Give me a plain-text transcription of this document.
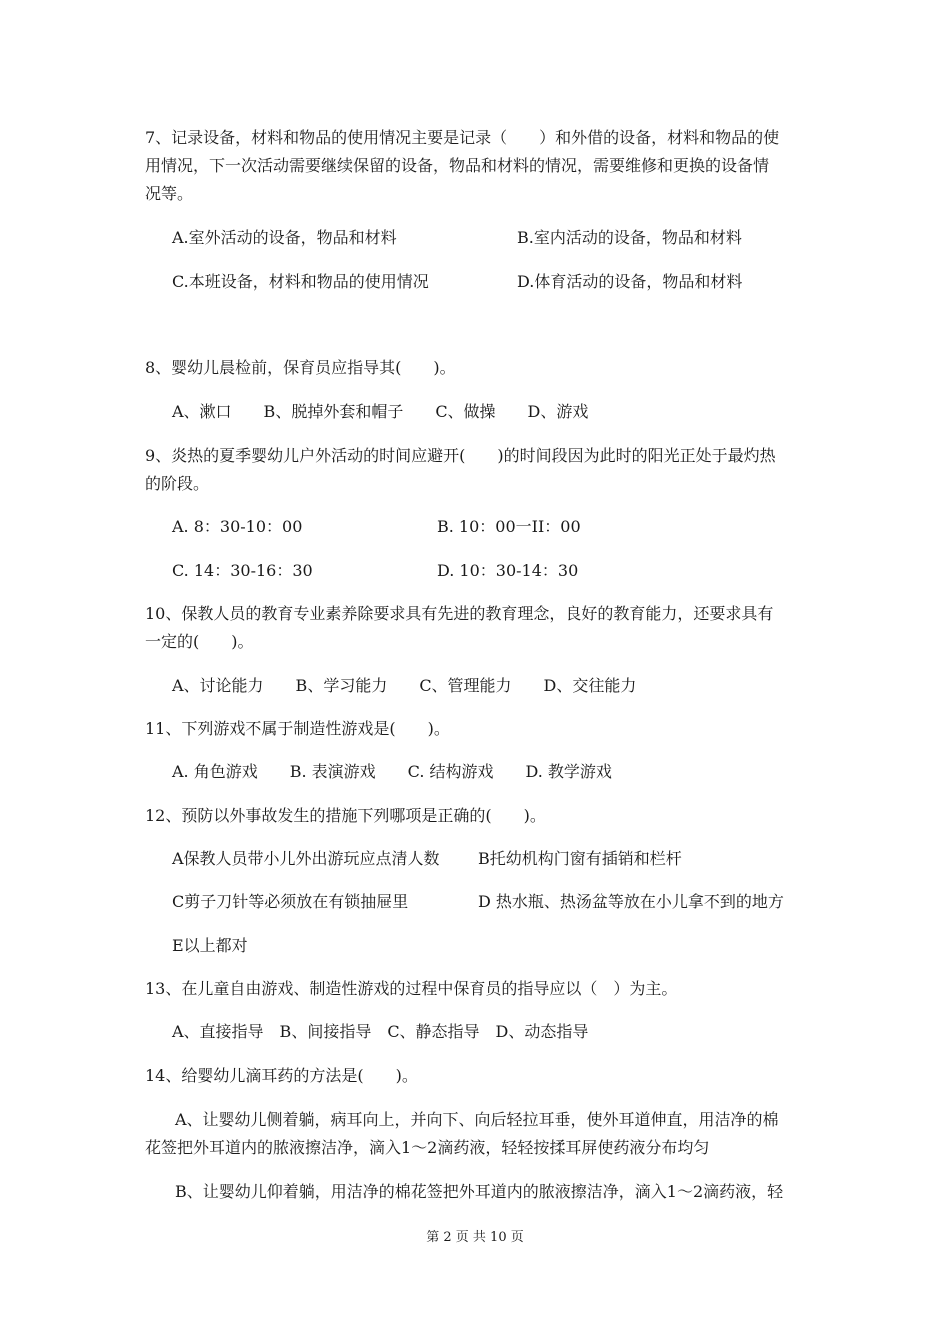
7、记录设备，材料和物品的使用情况主要是记录（　　）和外借的设备，材料和物品的使
用情况，下一次活动需要继续保留的设备，物品和材料的情况，需要维修和更换的设备情
况等。
A.室外活动的设备，物品和材料	B.室内活动的设备，物品和材料
C.本班设备，材料和物品的使用情况	D.体育活动的设备，物品和材料
8、婴幼儿晨检前，保育员应指导其(　　)。
A、漱口　　B、脱掉外套和帽子　　C、做操　　D、游戏
9、炎热的夏季婴幼儿户外活动的时间应避开(　　)的时间段因为此时的阳光正处于最灼热
的阶段。
A. 8：30-10：00	B. 10：00一II：00
C. 14：30-16：30	D. 10：30-14：30
10、保教人员的教育专业素养除要求具有先进的教育理念，良好的教育能力，还要求具有
一定的(　　)。
A、讨论能力　　B、学习能力　　C、管理能力　　D、交往能力
11、下列游戏不属于制造性游戏是(　　)。
A. 角色游戏　　B. 表演游戏　　C. 结构游戏　　D. 教学游戏
12、预防以外事故发生的措施下列哪项是正确的(　　)。
A保教人员带小儿外出游玩应点清人数 B托幼机构门窗有插销和栏杆
C剪子刀针等必须放在有锁抽屉里	D 热水瓶、热汤盆等放在小儿拿不到的地方
E以上都对
13、在儿童自由游戏、制造性游戏的过程中保育员的指导应以（　）为主。
A、直接指导　B、间接指导　C、静态指导　D、动态指导
14、给婴幼儿滴耳药的方法是(　　)。
A、让婴幼儿侧着躺，病耳向上，并向下、向后轻拉耳垂，使外耳道伸直，用洁净的棉
花签把外耳道内的脓液擦洁净，滴入1～2滴药液，轻轻按揉耳屏使药液分布均匀
B、让婴幼儿仰着躺，用洁净的棉花签把外耳道内的脓液擦洁净，滴入1～2滴药液，轻
第 2 页 共 10 页
